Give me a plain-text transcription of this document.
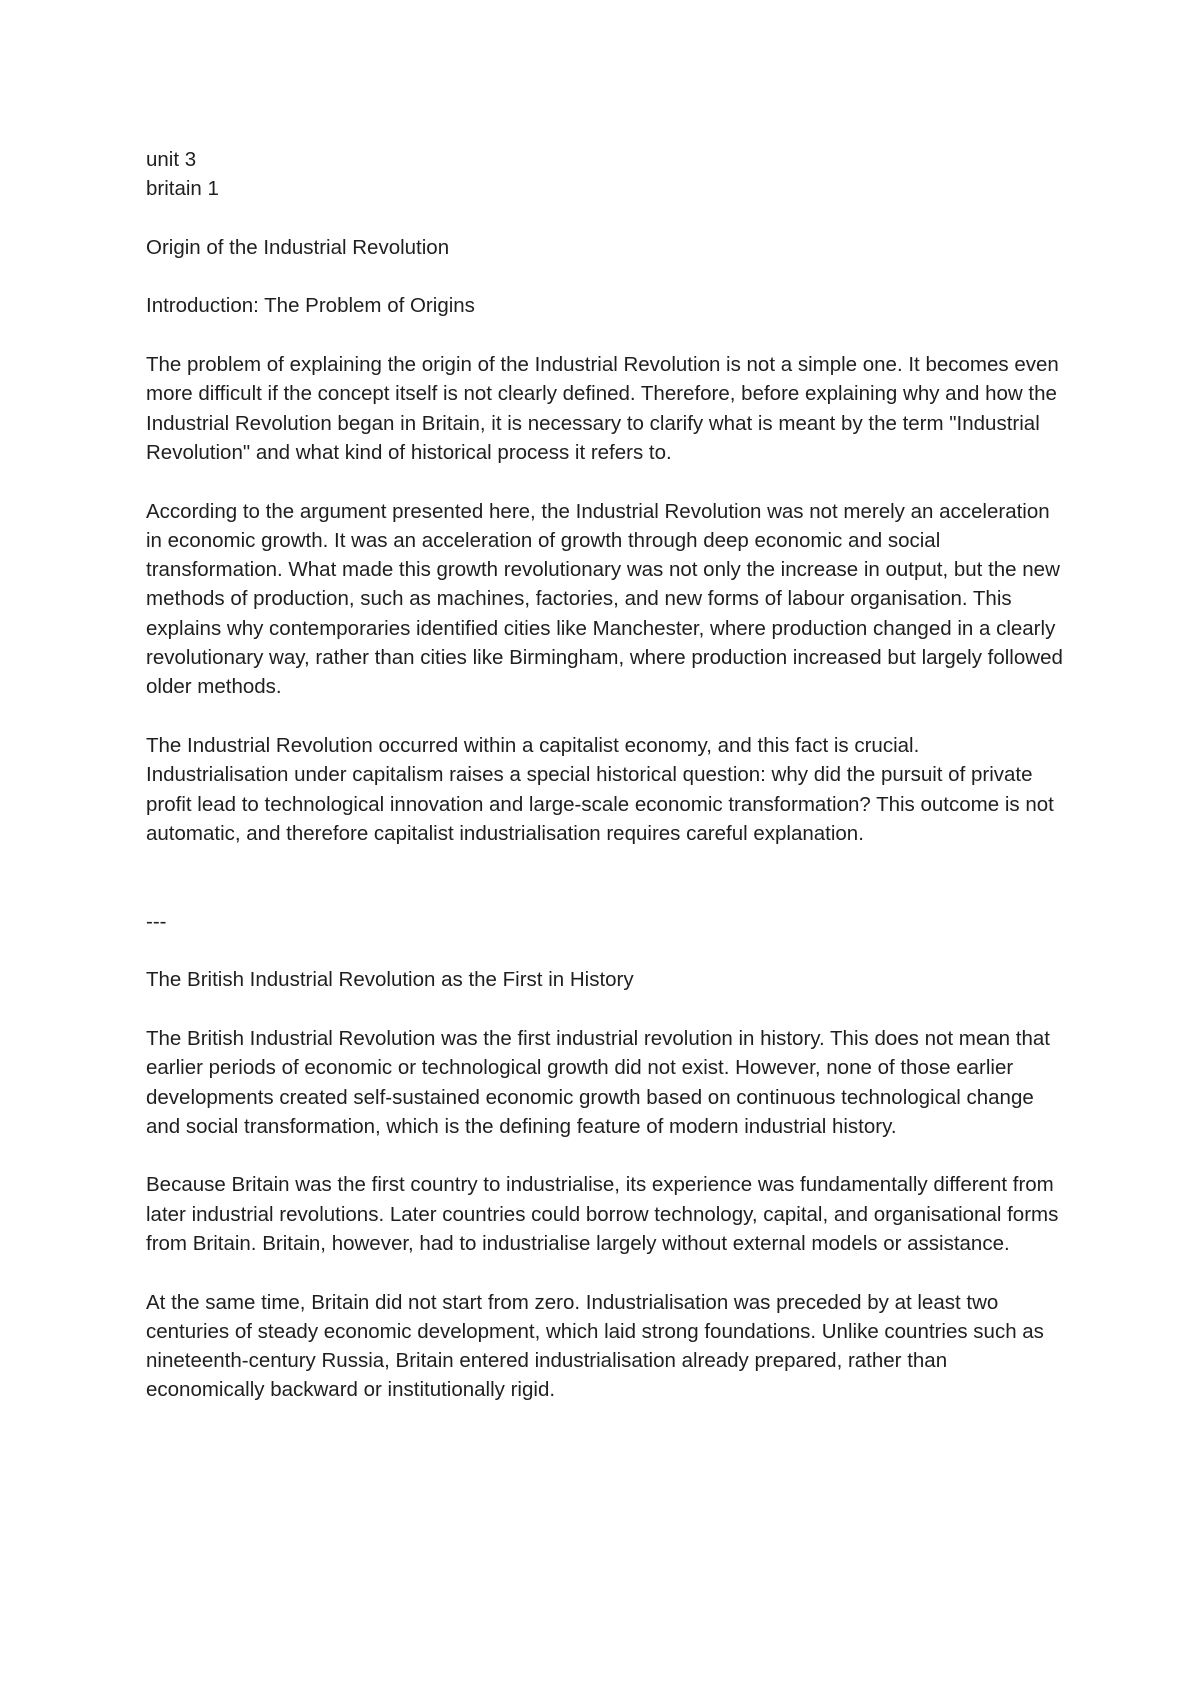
unit 3
britain 1
Origin of the Industrial Revolution
Introduction: The Problem of Origins

The problem of explaining the origin of the Industrial Revolution is not a simple one. It becomes even more difficult if the concept itself is not clearly defined. Therefore, before explaining why and how the Industrial Revolution began in Britain, it is necessary to clarify what is meant by the term "Industrial Revolution" and what kind of historical process it refers to.

According to the argument presented here, the Industrial Revolution was not merely an acceleration in economic growth. It was an acceleration of growth through deep economic and social transformation. What made this growth revolutionary was not only the increase in output, but the new methods of production, such as machines, factories, and new forms of labour organisation. This explains why contemporaries identified cities like Manchester, where production changed in a clearly revolutionary way, rather than cities like Birmingham, where production increased but largely followed older methods.

The Industrial Revolution occurred within a capitalist economy, and this fact is crucial. Industrialisation under capitalism raises a special historical question: why did the pursuit of private profit lead to technological innovation and large-scale economic transformation? This outcome is not automatic, and therefore capitalist industrialisation requires careful explanation.

---
The British Industrial Revolution as the First in History

The British Industrial Revolution was the first industrial revolution in history. This does not mean that earlier periods of economic or technological growth did not exist. However, none of those earlier developments created self-sustained economic growth based on continuous technological change and social transformation, which is the defining feature of modern industrial history.

Because Britain was the first country to industrialise, its experience was fundamentally different from later industrial revolutions. Later countries could borrow technology, capital, and organisational forms from Britain. Britain, however, had to industrialise largely without external models or assistance.

At the same time, Britain did not start from zero. Industrialisation was preceded by at least two centuries of steady economic development, which laid strong foundations. Unlike countries such as nineteenth-century Russia, Britain entered industrialisation already prepared, rather than economically backward or institutionally rigid.
